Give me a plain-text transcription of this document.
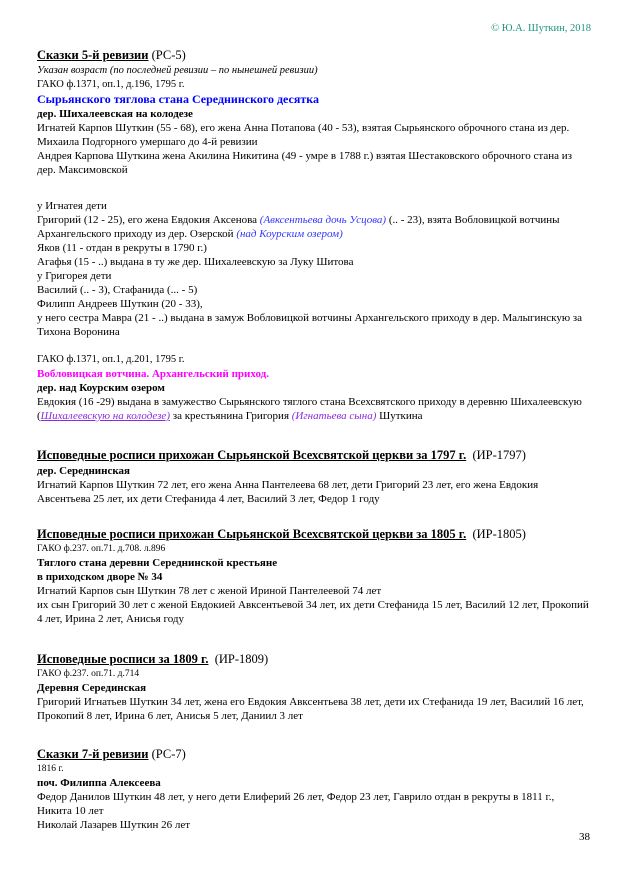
© Ю.А. Шуткин, 2018
Сказки 5-й ревизии (РС-5)
Указан возраст (по последней ревизии – по нынешней ревизии)
ГАКО ф.1371, оп.1, д.196, 1795 г.
Сырьянского тяглова стана Середнинского десятка
дер. Шихалеевская на колодезе
Игнатей Карпов Шуткин (55 - 68), его жена Анна Потапова (40 - 53), взятая Сырьянского оброчного стана из дер. Михаила Подгорного умершаго до 4-й ревизии
Андрея Карпова Шуткина жена Акилина Никитина (49 - умре в 1788 г.) взятая Шестаковского оброчного стана из дер. Максимовской
у Игнатея дети
Григорий (12 - 25), его жена Евдокия Аксенова (Авксентьева дочь Усцова) (.. - 23), взята Вобловицкой вотчины Архангельского приходу из дер. Озерской (над Коурским озером)
Яков (11 - отдан в рекруты в 1790 г.)
Агафья (15 - ..) выдана в ту же дер. Шихалеевскую за Луку Шитова
у Григорея дети
Василий (.. - 3), Стафанида (... - 5)
Филипп Андреев Шуткин (20 - 33),
у него сестра Мавра (21 - ..) выдана в замуж Вобловицкой вотчины Архангельского приходу в дер. Малыгинскую за Тихона Воронина
ГАКО ф.1371, оп.1, д.201, 1795 г.
Вобловицкая вотчина. Архангельский приход.
дер. над Коурским озером
Евдокия (16 -29) выдана в замужество Сырьянского тяглого стана Всехсвятского приходу в деревню Шихалеевскую (Шихалеевскую на колодезе) за крестьянина Григория (Игнатьева сына) Шуткина
Исповедные росписи прихожан Сырьянской Всехсвятской церкви за 1797 г.  (ИР-1797)
дер. Середнинская
Игнатий Карпов Шуткин 72 лет, его жена Анна Пантелеева 68 лет, дети Григорий 23 лет, его жена Евдокия Авсентьева 25 лет, их дети Стефанида 4 лет, Василий 3 лет, Федор 1 году
Исповедные росписи прихожан Сырьянской Всехсвятской церкви за 1805 г.  (ИР-1805)
ГАКО ф.237. оп.71. д.708. л.896
Тяглого стана деревни Середнинской крестьяне
в приходском дворе № 34
Игнатий Карпов сын Шуткин 78 лет с женой Ириной Пантелеевой 74 лет
их сын Григорий 30 лет с женой Евдокией Авксентьевой 34 лет, их дети Стефанида 15 лет, Василий 12 лет, Прокопий 4 лет, Ирина 2 лет, Анисья году
Исповедные росписи за 1809 г.  (ИР-1809)
ГАКО ф.237. оп.71. д.714
Деревня Серединская
Григорий Игнатьев Шуткин 34 лет, жена его Евдокия Авксентьева 38 лет, дети их Стефанида 19 лет, Василий 16 лет, Прокопий 8 лет, Ирина 6 лет, Анисья 5 лет, Даниил 3 лет
Сказки 7-й ревизии (РС-7)
1816 г.
поч. Филиппа Алексеева
Федор Данилов Шуткин 48 лет, у него дети Елиферий 26 лет, Федор 23 лет, Гаврило отдан в рекруты в 1811 г., Никита 10 лет
Николай Лазарев Шуткин 26 лет
38
